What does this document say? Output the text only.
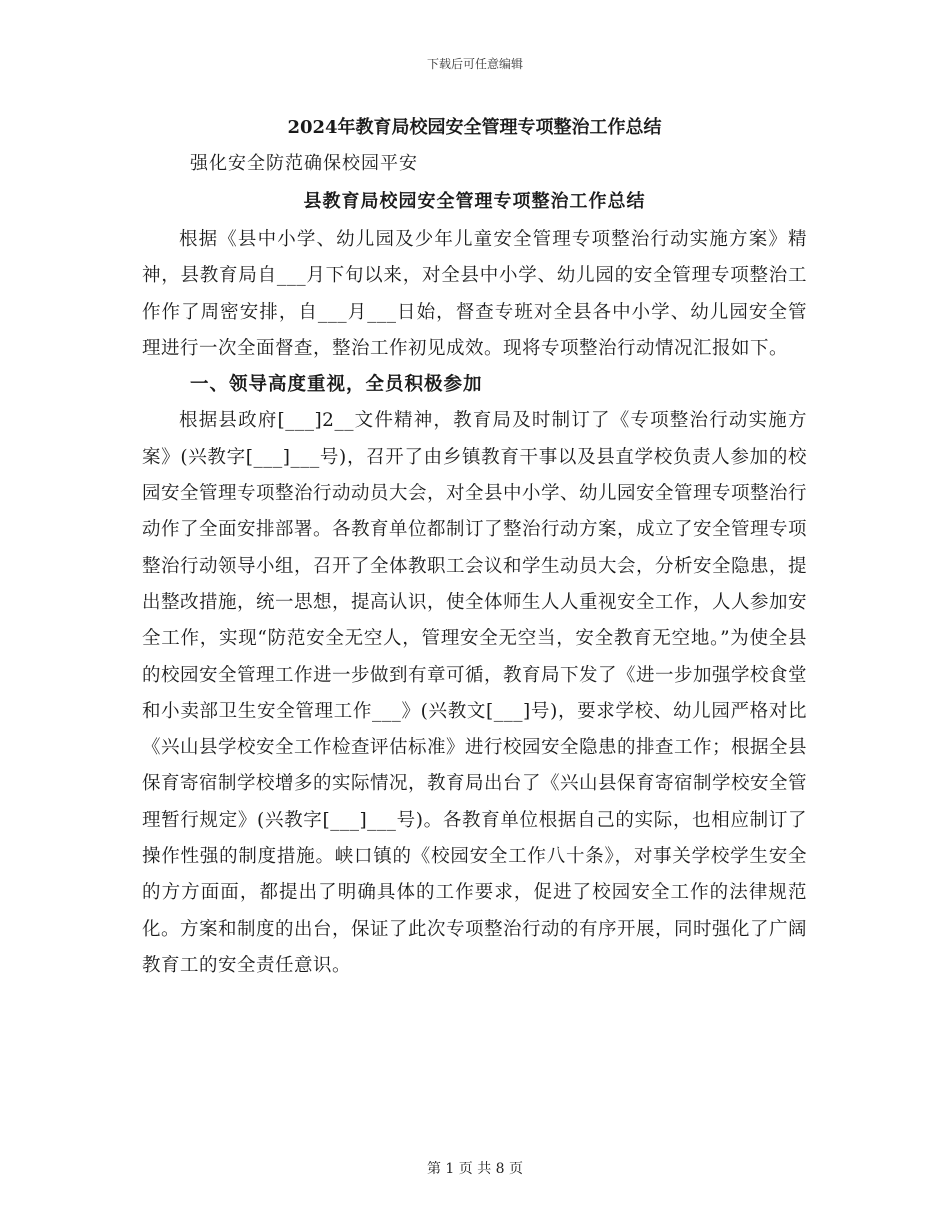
下载后可任意编辑
2024年教育局校园安全管理专项整治工作总结

强化安全防范确保校园平安

县教育局校园安全管理专项整治工作总结

根据《县中小学、幼儿园及少年儿童安全管理专项整治行动实施方案》精神，县教育局自___月下旬以来，对全县中小学、幼儿园的安全管理专项整治工作作了周密安排，自___月___日始，督查专班对全县各中小学、幼儿园安全管理进行一次全面督查，整治工作初见成效。现将专项整治行动情况汇报如下。

一、领导高度重视，全员积极参加

根据县政府[___]2__文件精神，教育局及时制订了《专项整治行动实施方案》(兴教字[___]___号)，召开了由乡镇教育干事以及县直学校负责人参加的校园安全管理专项整治行动动员大会，对全县中小学、幼儿园安全管理专项整治行动作了全面安排部署。各教育单位都制订了整治行动方案，成立了安全管理专项整治行动领导小组，召开了全体教职工会议和学生动员大会，分析安全隐患，提出整改措施，统一思想，提高认识，使全体师生人人重视安全工作，人人参加安全工作，实现“防范安全无空人，管理安全无空当，安全教育无空地。”为使全县的校园安全管理工作进一步做到有章可循，教育局下发了《进一步加强学校食堂和小卖部卫生安全管理工作___》(兴教文[___]号)，要求学校、幼儿园严格对比《兴山县学校安全工作检查评估标准》进行校园安全隐患的排查工作；根据全县保育寄宿制学校增多的实际情况，教育局出台了《兴山县保育寄宿制学校安全管理暂行规定》(兴教字[___]___号)。各教育单位根据自己的实际，也相应制订了操作性强的制度措施。峡口镇的《校园安全工作八十条》，对事关学校学生安全的方方面面，都提出了明确具体的工作要求，促进了校园安全工作的法律规范化。方案和制度的出台，保证了此次专项整治行动的有序开展，同时强化了广阔教育工的安全责任意识。

第 1 页 共 8 页
